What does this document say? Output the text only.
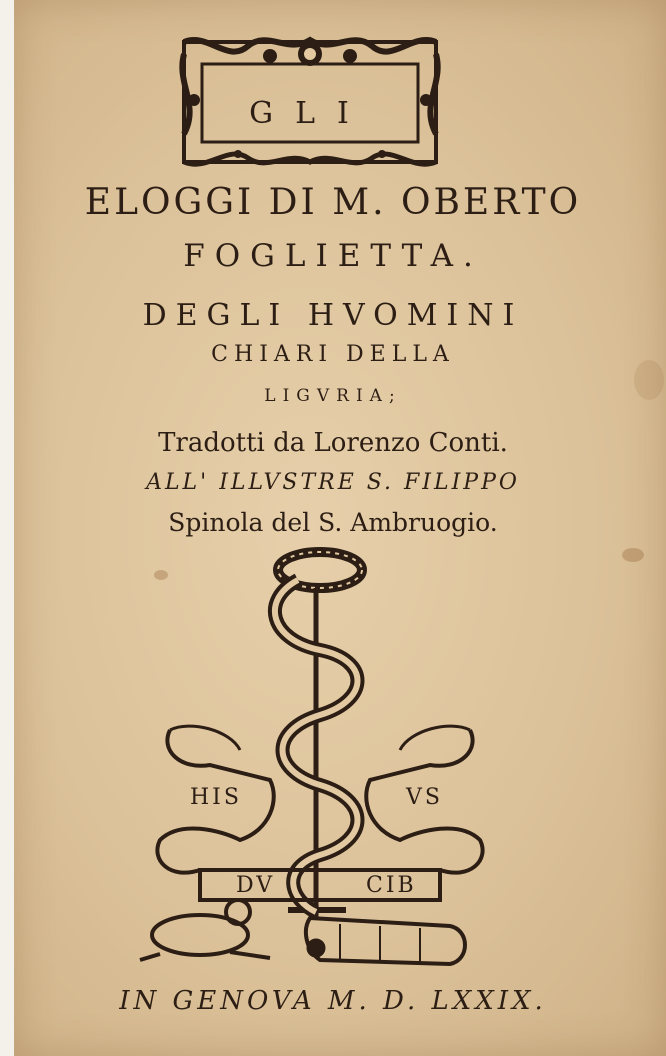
GLI
ELOGGI DI M. OBERTO
FOGLIETTA.
DEGLI HVOMINI
CHIARI DELLA
LIGVRIA;
Tradotti da Lorenzo Conti.
ALL' ILLVSTRE S. FILIPPO
Spinola del S. Ambruogio.
HIS	VS
DV	CIB
IN GENOVA M. D. LXXIX.
